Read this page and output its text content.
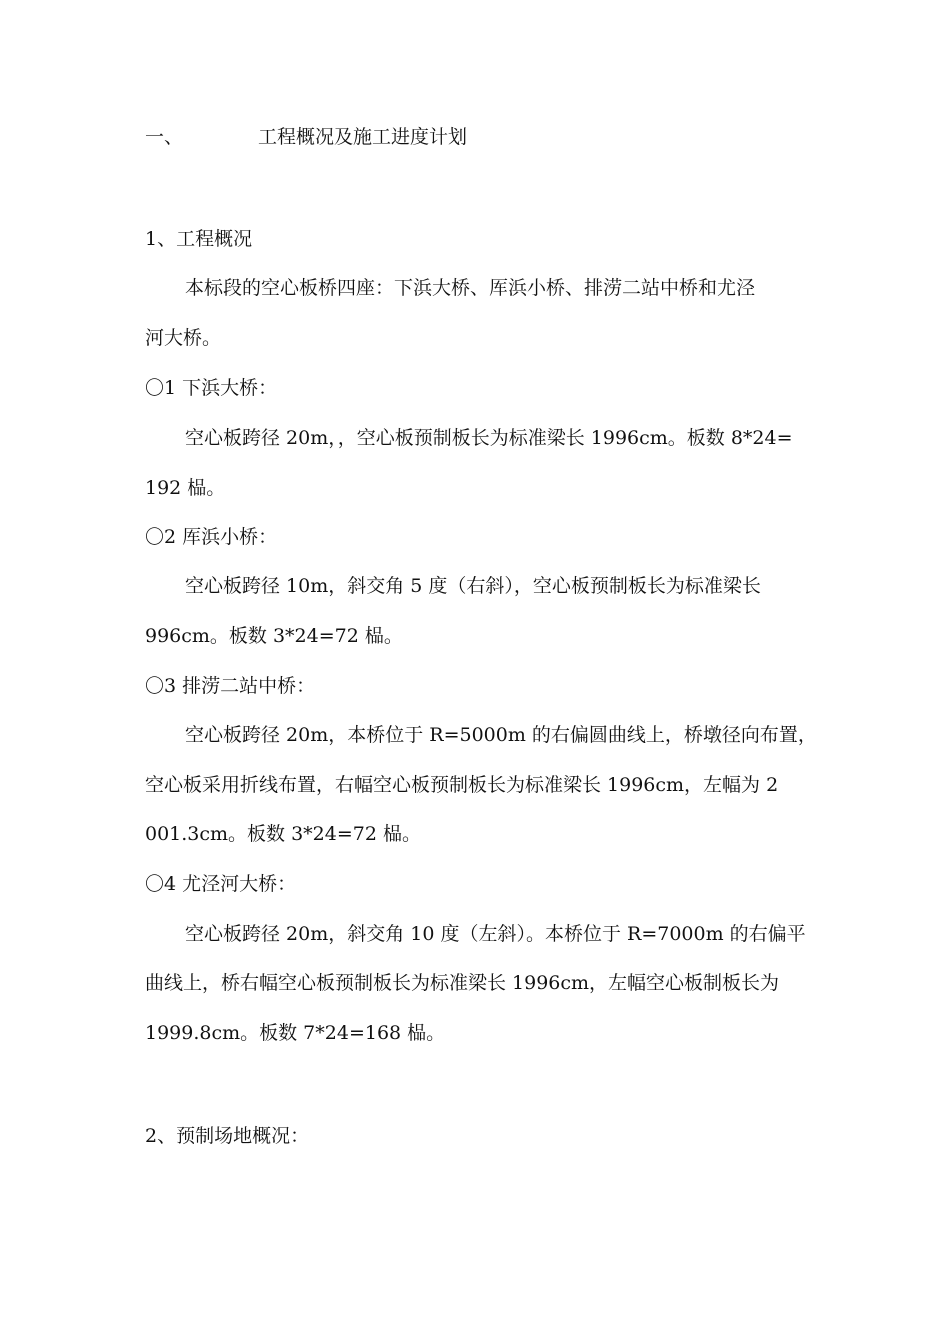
一、	工程概况及施工进度计划
1、工程概况
本标段的空心板桥四座：下浜大桥、厍浜小桥、排涝二站中桥和尤泾
河大桥。
〇1 下浜大桥：
空心板跨径 20m，，空心板预制板长为标准梁长 1996cm。板数 8*24=
192 榀。
〇2 厍浜小桥：
空心板跨径 10m，斜交角 5 度（右斜），空心板预制板长为标准梁长
996cm。板数 3*24=72 榀。
〇3 排涝二站中桥：
空心板跨径 20m，本桥位于 R=5000m 的右偏圆曲线上，桥墩径向布置，
空心板采用折线布置，右幅空心板预制板长为标准梁长 1996cm，左幅为 2
001.3cm。板数 3*24=72 榀。
〇4 尤泾河大桥：
空心板跨径 20m，斜交角 10 度（左斜）。本桥位于 R=7000m 的右偏平
曲线上，桥右幅空心板预制板长为标准梁长 1996cm，左幅空心板制板长为
1999.8cm。板数 7*24=168 榀。
2、预制场地概况：
